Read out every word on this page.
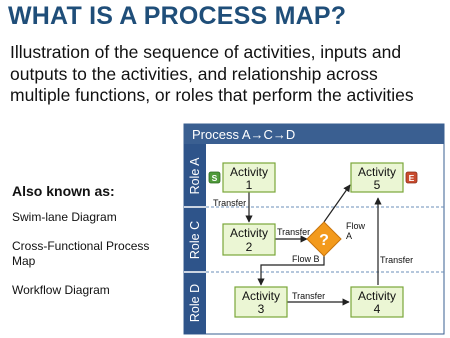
WHAT IS A PROCESS MAP?

Illustration of the sequence of activities, inputs and outputs to the activities, and relationship across multiple functions, or roles that perform the activities

Also known as:
Swim-lane Diagram
Cross-Functional Process Map
Workflow Diagram
Process A→C→D
Role A
Role C
Role D
Activity
1
Activity
5
Activity
2
Activity
3
Activity
4
S	E
?
Transfer
Transfer
Flow
A
Flow B	Transfer
Transfer
